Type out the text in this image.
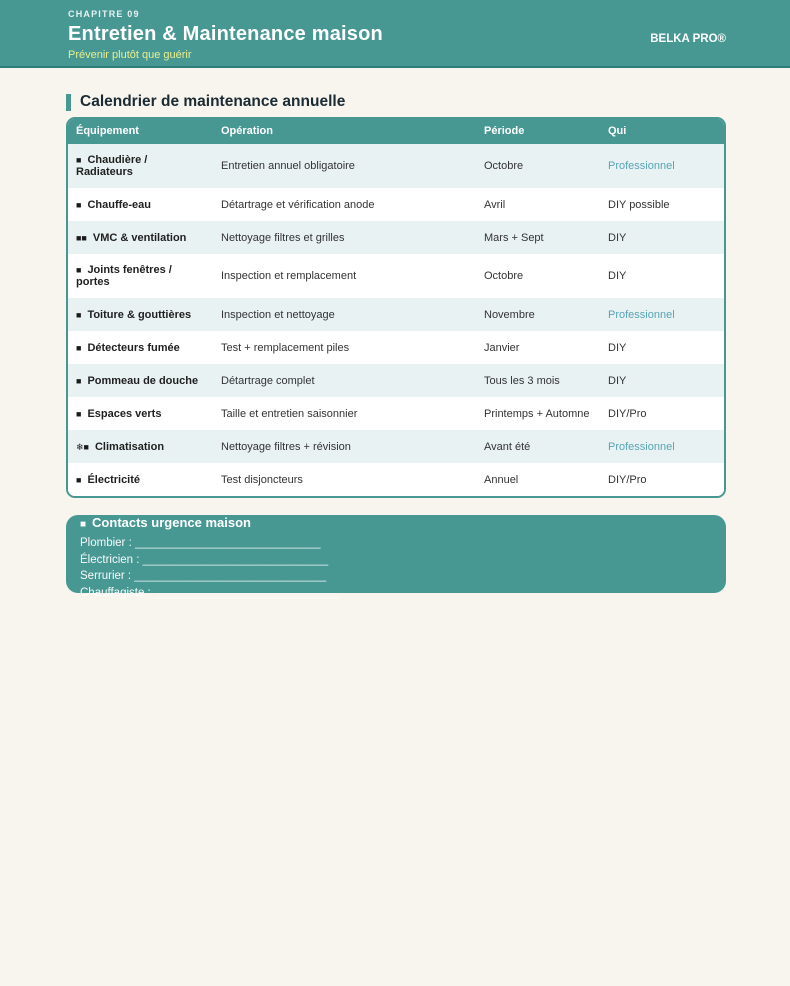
CHAPITRE 09
Entretien & Maintenance maison
Prévenir plutôt que guérir
BELKA PRO®
Calendrier de maintenance annuelle
Équipement	Opération	Période	Qui
■ Chaudière / Radiateurs	Entretien annuel obligatoire	Octobre	Professionnel
■ Chauffe-eau	Détartrage et vérification anode	Avril	DIY possible
■■ VMC & ventilation	Nettoyage filtres et grilles	Mars + Sept	DIY
■ Joints fenêtres / portes	Inspection et remplacement	Octobre	DIY
■ Toiture & gouttières	Inspection et nettoyage	Novembre	Professionnel
■ Détecteurs fumée	Test + remplacement piles	Janvier	DIY
■ Pommeau de douche	Détartrage complet	Tous les 3 mois	DIY
■ Espaces verts	Taille et entretien saisonnier	Printemps + Automne	DIY/Pro
❄■ Climatisation	Nettoyage filtres + révision	Avant été	Professionnel
■ Électricité	Test disjoncteurs	Annuel	DIY/Pro
■ Contacts urgence maison
Plombier : _____________________________
Électricien : _____________________________
Serrurier : ______________________________
Chauffagiste : _____________________________
